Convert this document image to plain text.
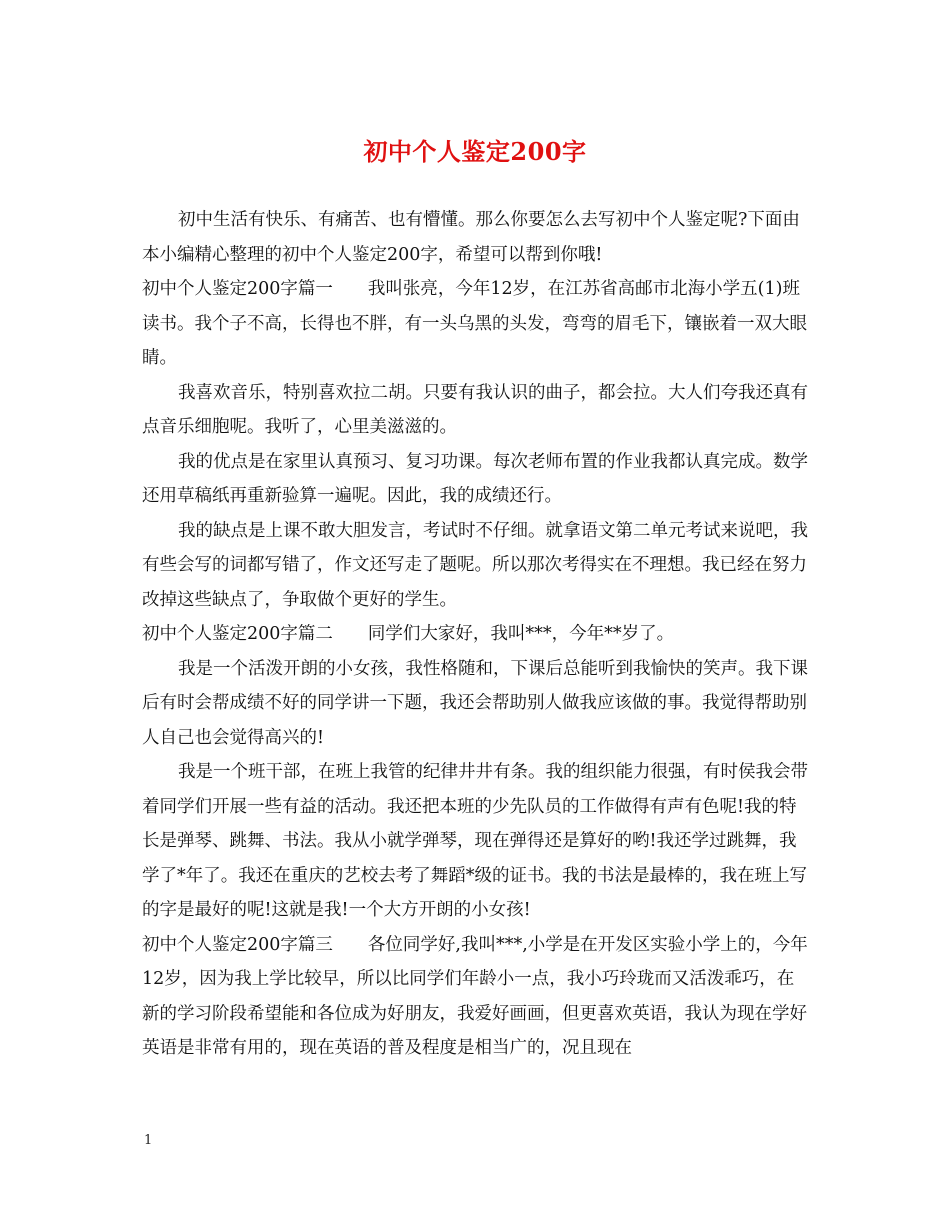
初中个人鉴定200字

初中生活有快乐、有痛苦、也有懵懂。那么你要怎么去写初中个人鉴定呢?下面由本小编精心整理的初中个人鉴定200字，希望可以帮到你哦!

初中个人鉴定200字篇一　　我叫张亮，今年12岁，在江苏省高邮市北海小学五(1)班读书。我个子不高，长得也不胖，有一头乌黑的头发，弯弯的眉毛下，镶嵌着一双大眼睛。

我喜欢音乐，特别喜欢拉二胡。只要有我认识的曲子，都会拉。大人们夸我还真有点音乐细胞呢。我听了，心里美滋滋的。

我的优点是在家里认真预习、复习功课。每次老师布置的作业我都认真完成。数学还用草稿纸再重新验算一遍呢。因此，我的成绩还行。

我的缺点是上课不敢大胆发言，考试时不仔细。就拿语文第二单元考试来说吧，我有些会写的词都写错了，作文还写走了题呢。所以那次考得实在不理想。我已经在努力改掉这些缺点了，争取做个更好的学生。

初中个人鉴定200字篇二　　同学们大家好，我叫***，今年**岁了。

我是一个活泼开朗的小女孩，我性格随和，下课后总能听到我愉快的笑声。我下课后有时会帮成绩不好的同学讲一下题，我还会帮助别人做我应该做的事。我觉得帮助别人自己也会觉得高兴的!

我是一个班干部，在班上我管的纪律井井有条。我的组织能力很强，有时侯我会带着同学们开展一些有益的活动。我还把本班的少先队员的工作做得有声有色呢!我的特长是弹琴、跳舞、书法。我从小就学弹琴，现在弹得还是算好的哟!我还学过跳舞，我学了*年了。我还在重庆的艺校去考了舞蹈*级的证书。我的书法是最棒的，我在班上写的字是最好的呢!这就是我!一个大方开朗的小女孩!

初中个人鉴定200字篇三　　各位同学好,我叫***,小学是在开发区实验小学上的，今年12岁，因为我上学比较早，所以比同学们年龄小一点，我小巧玲珑而又活泼乖巧，在新的学习阶段希望能和各位成为好朋友，我爱好画画，但更喜欢英语，我认为现在学好英语是非常有用的，现在英语的普及程度是相当广的，况且现在

1
